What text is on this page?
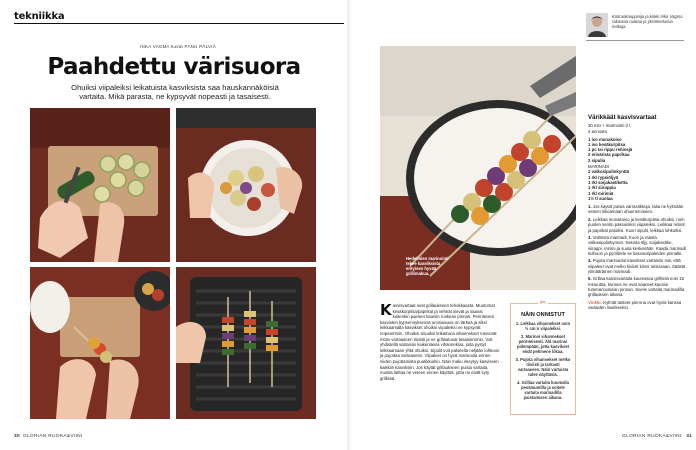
tekniikka
INKA VAGMA kuvat PANU PÄLVIÄ
Paahdettu värisuora
Ohuiksi viipaleiksi leikatuista kasviksista saa hauskannäköisiä vartaita. Mikä parasta, ne kypsyvät nopeasti ja tasaisesti.
30 GLORIAN RUOKA&VIINI
Kotiruokaoppinija ja kokki Inka Vagma rakastaa ruokaa ja yksinkertaisia makuja.
Hedelmien marinointi tekee kasviksista erityisen hyvää grillimakua.
Värikkäät kasvisvartaat
30 min + marinointi 2 t
4 annosta
1 iso munakoiso
1 iso kesäkurpitsa
1 pc tai rippu retiisejä
2 erivärista paprikaa
2 sipulia
MARINADI
2 valkosipulinkynttä
1 rkl rypsiöljyä
1 rkl soijakastiketta
1 rkl siirappia
1 rkl mirimiä
1½ tl suolaa
1. Jos käytät puisia varrastikkuja, laita ne kylmään veteen liikoamaan ohuenemiseen.
2. Leikkaa munakoiso ja kesäkurpitsa ohuiksi, noin puolen sentin paksuisiksi viipaleiksi. Leikkaa retiisit ja paprikat paloiksi. Kuori sipulit, leikkaa lohkoiksi.
3. Valmista marinadi. Kuori ja raasta valkosipulinkynnet. Sekoita öljy, soijakastike, siirappi, mirimi ja suola keskenään. Kaada marinadi kulhoon ja pyörittele se kasvisviipaleiden pinnalle.
4. Pujota marinoidut kasvikset vartaisiin niin, että viipaleet ovat melko tiiviisti kiinni toisissaan. Säästä ylimääräinen marinadi.
5. Grillaa kasvisvartaita kuumassa grillissä noin 15 minuuttia, kunnes ne ovat saaneet kauniin tummanruskean pinnan. Sivele vartaita marinadilla grillauksen aikana.
Vinkki: Kylmät tasteet pierona ovat hyviä kanssa vartaiden lisukkeeksi.
Kasvisvartaat ovat grillaukseen tehokkaasta. Muotomat kesäkurpitsa/paprikat ja vehnät sievät ja saavat kuitenkin paineet kauniin ruskean pinnan. Perinteisen kasvisten kypsennyksessä ominaisuus on tärkeä ja siksi leikkaamalla kasvikset ohuiksi viipaleiksi ne kypsyvät nopeammin. Ohuiksi siivuiksi leikattuna vihannekset menevät ristiin vartaaseen tiiviisti ja ne grillautuvat tasaisemmin. Voit yhdistellä vartaisiin kaikenlaisia vihanneksia, joita pystyt leikkaamaan yhtä ohuiksi. Sipulit voit paloitella neljään lohkoon ja pujottaa vartaaseen. Viipaleet on hyvä marinoida ennen niiden pujottamista puutikkuihin. Näin maku imeytyy kasviseen kaikkiin kasviksiin. Jos käytät grillaukseen puisia vartaita, muista laittaa ne veteen ennen käyttöä, jotta ne eivät syty grillissä.
✂
NÄIN ONNISTUT
1. Leikkaa vihannekset noin ½ cm:n viipaleiksi.
2. Marinoi vihannekset perinteisesti. Älä marinoi pidempään, jotta kasvikset eivät pehmene liikaa.
3. Pujota vihannekset melko tiiviisti ja tarkasti vartaaseen. Näin vartaista tulee näyttäviä.
4. Grillaa vartaita kuumalla pesämuotilla ja voitele vartaita marinadilla paistamisen aikana.
GLORIAN RUOKA&VIINI 31
